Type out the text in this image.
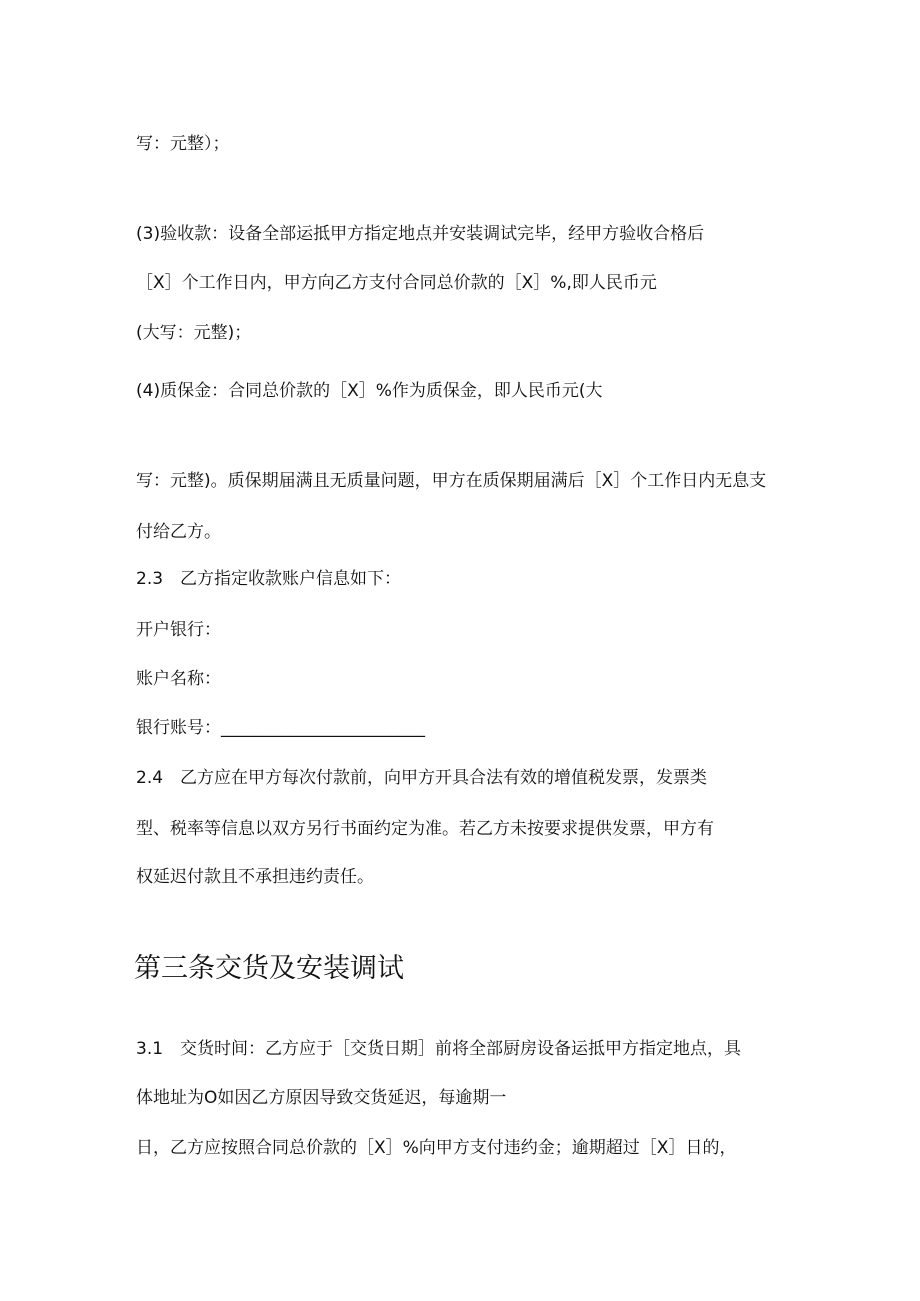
写：元整）；
(3)验收款：设备全部运抵甲方指定地点并安装调试完毕，经甲方验收合格后
［X］个工作日内，甲方向乙方支付合同总价款的［X］%,即人民币元
(大写：元整)；
(4)质保金：合同总价款的［X］%作为质保金，即人民币元(大
写：元整)。质保期届满且无质量问题，甲方在质保期届满后［X］个工作日内无息支
付给乙方。
2.3　乙方指定收款账户信息如下：
开户银行：
账户名称：
银行账号：________________________
2.4　乙方应在甲方每次付款前，向甲方开具合法有效的增值税发票，发票类
型、税率等信息以双方另行书面约定为准。若乙方未按要求提供发票，甲方有
权延迟付款且不承担违约责任。
第三条交货及安装调试
3.1　交货时间：乙方应于［交货日期］前将全部厨房设备运抵甲方指定地点，具
体地址为O如因乙方原因导致交货延迟，每逾期一
日，乙方应按照合同总价款的［X］%向甲方支付违约金；逾期超过［X］日的，
